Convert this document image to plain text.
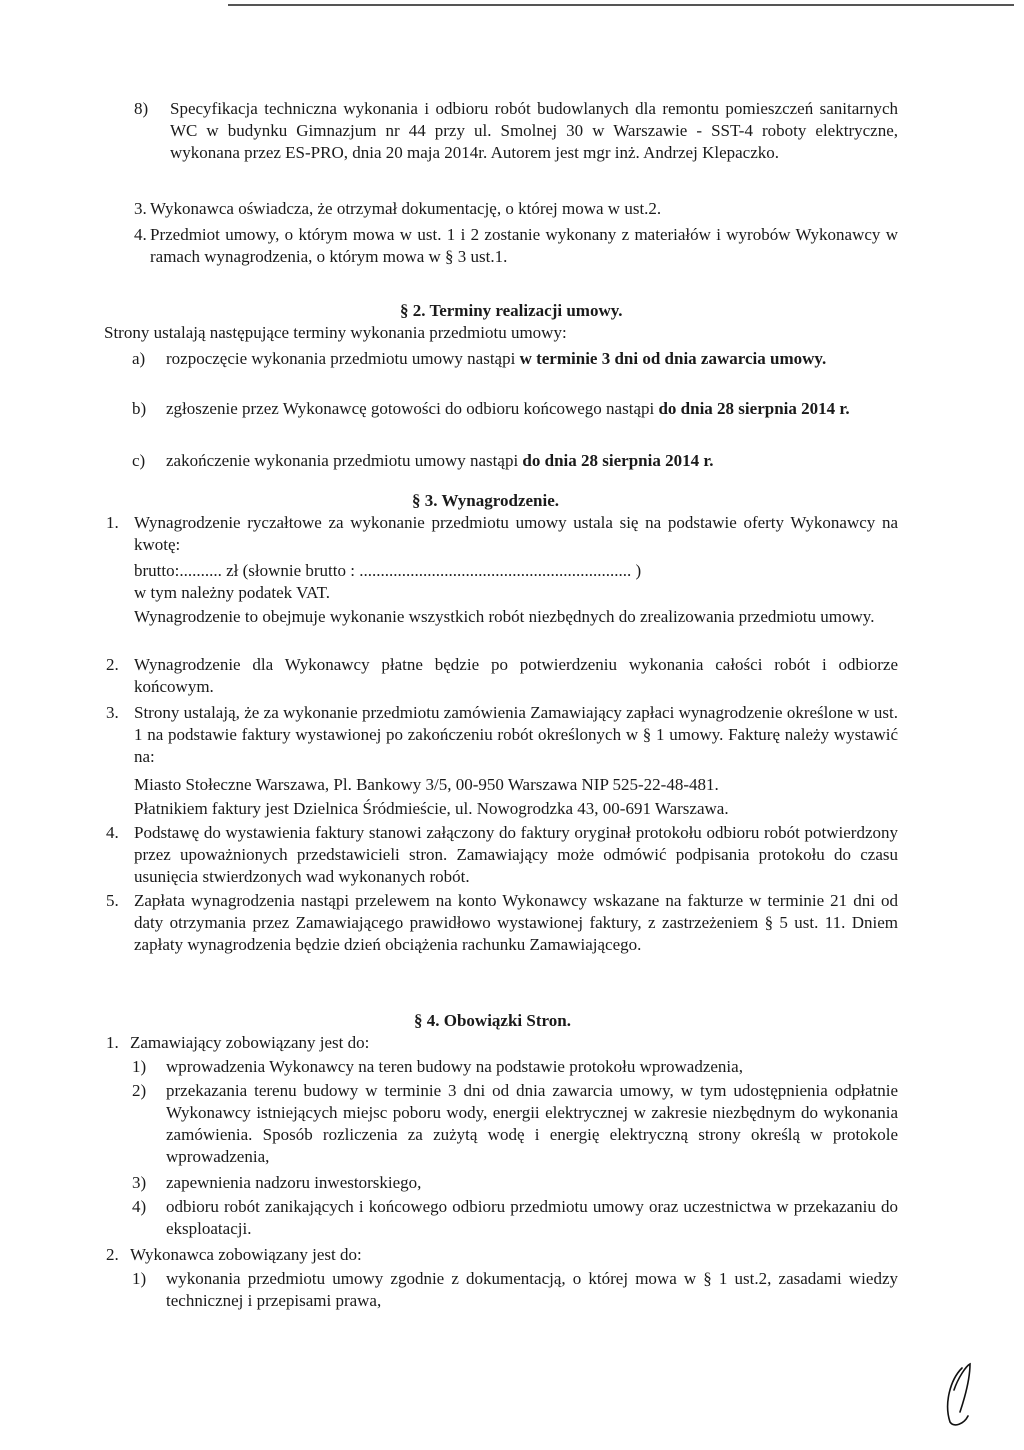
8) Specyfikacja techniczna wykonania i odbioru robót budowlanych dla remontu pomieszczeń sanitarnych WC w budynku Gimnazjum nr 44 przy ul. Smolnej 30 w Warszawie - SST-4 roboty elektryczne, wykonana przez ES-PRO, dnia 20 maja 2014r. Autorem jest mgr inż. Andrzej Klepaczko.
3. Wykonawca oświadcza, że otrzymał dokumentację, o której mowa w ust.2.
4. Przedmiot umowy, o którym mowa w ust. 1 i 2 zostanie wykonany z materiałów i wyrobów Wykonawcy w ramach wynagrodzenia, o którym mowa w § 3 ust.1.
§ 2. Terminy realizacji umowy.
Strony ustalają następujące terminy wykonania przedmiotu umowy:
a) rozpoczęcie wykonania przedmiotu umowy nastąpi w terminie 3 dni od dnia zawarcia umowy.
b) zgłoszenie przez Wykonawcę gotowości do odbioru końcowego nastąpi do dnia 28 sierpnia 2014 r.
c) zakończenie wykonania przedmiotu umowy nastąpi do dnia 28 sierpnia 2014 r.
§ 3. Wynagrodzenie.
1. Wynagrodzenie ryczałtowe za wykonanie przedmiotu umowy ustala się na podstawie oferty Wykonawcy na kwotę:
brutto:.......... zł (słownie brutto : ................................................................ )
w tym należny podatek VAT.
Wynagrodzenie to obejmuje wykonanie wszystkich robót niezbędnych do zrealizowania przedmiotu umowy.
2. Wynagrodzenie dla Wykonawcy płatne będzie po potwierdzeniu wykonania całości robót i odbiorze końcowym.
3. Strony ustalają, że za wykonanie przedmiotu zamówienia Zamawiający zapłaci wynagrodzenie określone w ust. 1 na podstawie faktury wystawionej po zakończeniu robót określonych w § 1 umowy. Fakturę należy wystawić na:
Miasto Stołeczne Warszawa, Pl. Bankowy 3/5, 00-950 Warszawa NIP 525-22-48-481.
Płatnikiem faktury jest Dzielnica Śródmieście, ul. Nowogrodzka 43, 00-691 Warszawa.
4. Podstawę do wystawienia faktury stanowi załączony do faktury oryginał protokołu odbioru robót potwierdzony przez upoważnionych przedstawicieli stron. Zamawiający może odmówić podpisania protokołu do czasu usunięcia stwierdzonych wad wykonanych robót.
5. Zapłata wynagrodzenia nastąpi przelewem na konto Wykonawcy wskazane na fakturze w terminie 21 dni od daty otrzymania przez Zamawiającego prawidłowo wystawionej faktury, z zastrzeżeniem § 5 ust. 11. Dniem zapłaty wynagrodzenia będzie dzień obciążenia rachunku Zamawiającego.
§ 4. Obowiązki Stron.
1. Zamawiający zobowiązany jest do:
1) wprowadzenia Wykonawcy na teren budowy na podstawie protokołu wprowadzenia,
2) przekazania terenu budowy w terminie 3 dni od dnia zawarcia umowy, w tym udostępnienia odpłatnie Wykonawcy istniejących miejsc poboru wody, energii elektrycznej w zakresie niezbędnym do wykonania zamówienia. Sposób rozliczenia za zużytą wodę i energię elektryczną strony określą w protokole wprowadzenia,
3) zapewnienia nadzoru inwestorskiego,
4) odbioru robót zanikających i końcowego odbioru przedmiotu umowy oraz uczestnictwa w przekazaniu do eksploatacji.
2. Wykonawca zobowiązany jest do:
1) wykonania przedmiotu umowy zgodnie z dokumentacją, o której mowa w § 1 ust.2, zasadami wiedzy technicznej i przepisami prawa,
